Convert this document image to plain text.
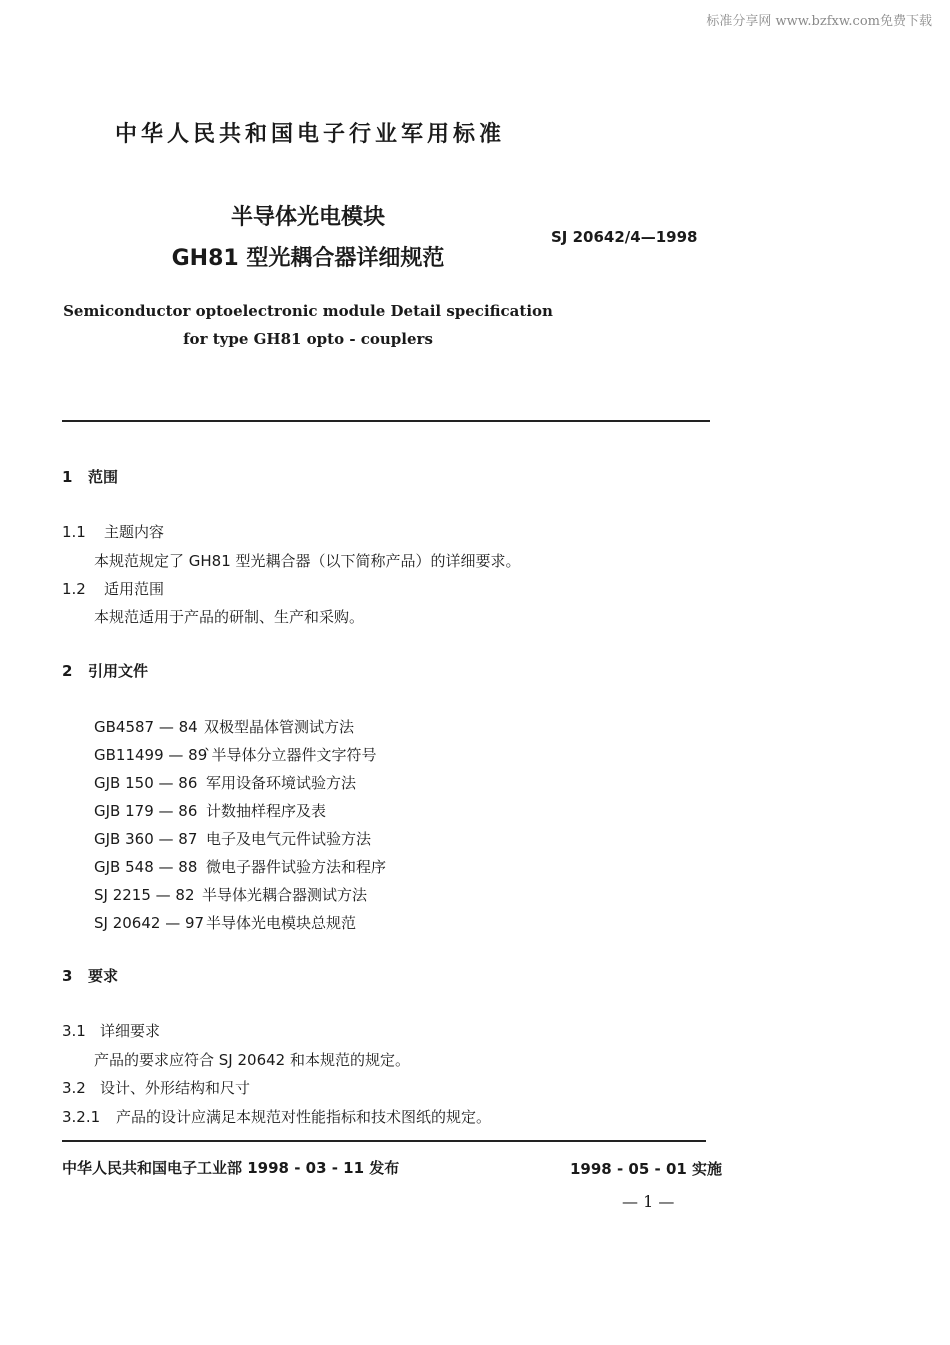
标准分享网 www.bzfxw.com免费下载
中华人民共和国电子行业军用标准
半导体光电模块
GH81 型光耦合器详细规范
SJ 20642/4—1998
Semiconductor optoelectronic module Detail specification
for type GH81 opto - couplers
1 范围
1.1 主题内容
本规范规定了 GH81 型光耦合器（以下简称产品）的详细要求。
1.2 适用范围
本规范适用于产品的研制、生产和采购。
2 引用文件
GB4587 — 84 双极型晶体管测试方法
GB11499 — 89`半导体分立器件文字符号
GJB 150 — 86 军用设备环境试验方法
GJB 179 — 86 计数抽样程序及表
GJB 360 — 87 电子及电气元件试验方法
GJB 548 — 88 微电子器件试验方法和程序
SJ 2215 — 82 半导体光耦合器测试方法
SJ 20642 — 97 半导体光电模块总规范
3 要求
3.1 详细要求
产品的要求应符合 SJ 20642 和本规范的规定。
3.2 设计、外形结构和尺寸
3.2.1 产品的设计应满足本规范对性能指标和技术图纸的规定。
中华人民共和国电子工业部 1998 - 03 - 11 发布	1998 - 05 - 01 实施
— 1 —
